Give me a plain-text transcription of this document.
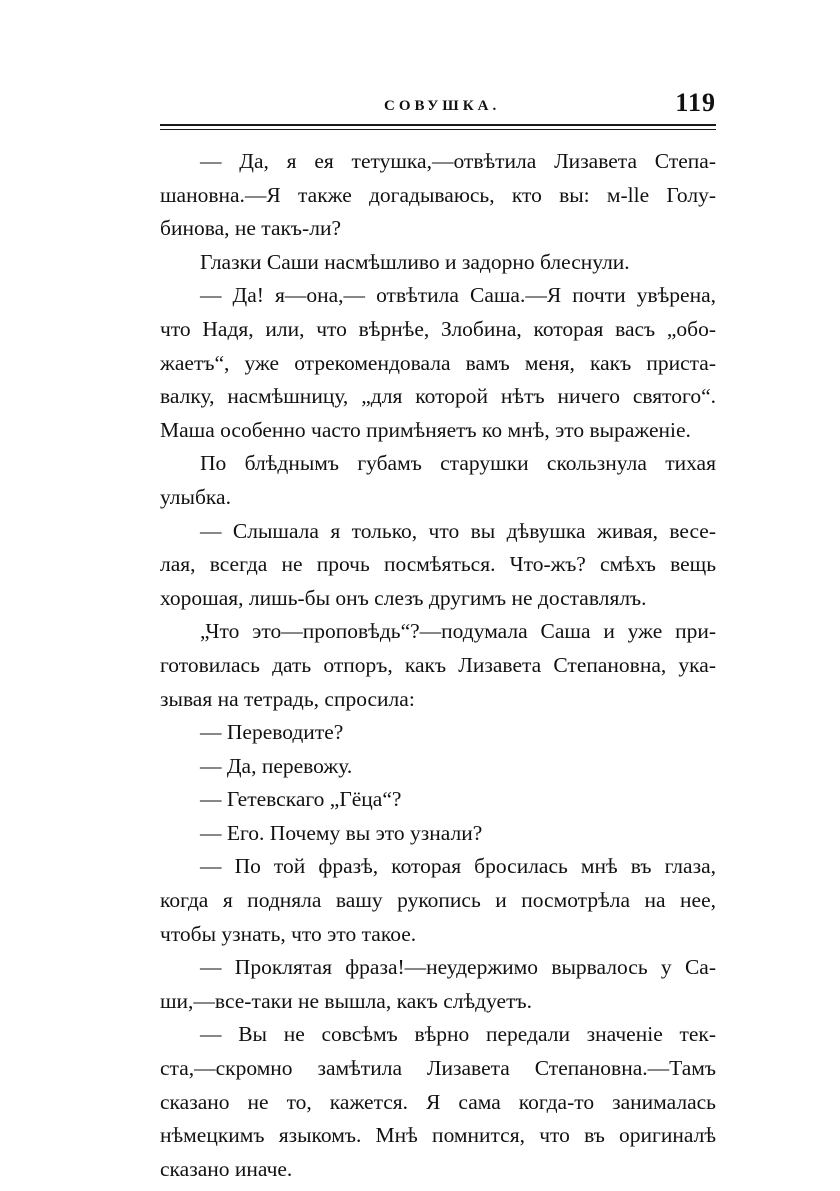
СОВУШКА.	119
— Да, я ея тетушка,—отвѣтила Лизавета Степа-
шановна.—Я также догадываюсь, кто вы: м-lle Голу-
бинова, не такъ-ли?
Глазки Саши насмѣшливо и задорно блеснули.
— Да! я—она,— отвѣтила Саша.—Я почти увѣрена,
что Надя, или, что вѣрнѣе, Злобина, которая васъ „обо-
жаетъ“, уже отрекомендовала вамъ меня, какъ приста-
валку, насмѣшницу, „для которой нѣтъ ничего святого“.
Маша особенно часто примѣняетъ ко мнѣ, это выраженіе.
По блѣднымъ губамъ старушки скользнула тихая
улыбка.
— Слышала я только, что вы дѣвушка живая, весе-
лая, всегда не прочь посмѣяться. Что-жъ? смѣхъ вещь
хорошая, лишь-бы онъ слезъ другимъ не доставлялъ.
„Что это—проповѣдь“?—подумала Саша и уже при-
готовилась дать отпоръ, какъ Лизавета Степановна, ука-
зывая на тетрадь, спросила:
— Переводите?
— Да, перевожу.
— Гетевскаго „Гёца“?
— Его. Почему вы это узнали?
— По той фразѣ, которая бросилась мнѣ въ глаза,
когда я подняла вашу рукопись и посмотрѣла на нее,
чтобы узнать, что это такое.
— Проклятая фраза!—неудержимо вырвалось у Са-
ши,—все-таки не вышла, какъ слѣдуетъ.
— Вы не совсѣмъ вѣрно передали значеніе тек-
ста,—скромно замѣтила Лизавета Степановна.—Тамъ
сказано не то, кажется. Я сама когда-то занималась
нѣмецкимъ языкомъ. Мнѣ помнится, что въ оригиналѣ
сказано иначе.
